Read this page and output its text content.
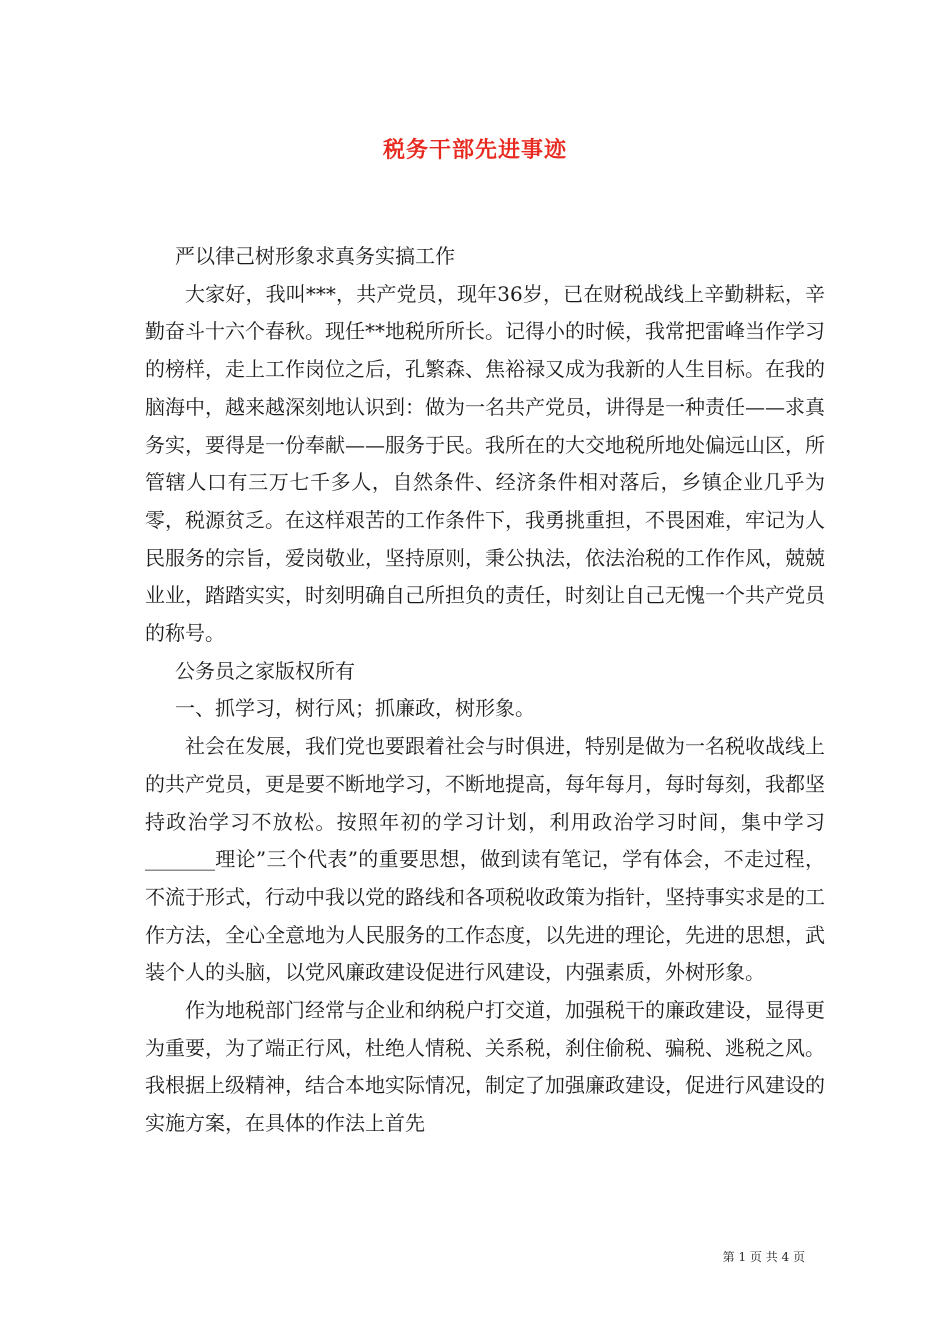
税务干部先进事迹

严以律己树形象求真务实搞工作

大家好，我叫***，共产党员，现年36岁，已在财税战线上辛勤耕耘，辛勤奋斗十六个春秋。现任**地税所所长。记得小的时候，我常把雷峰当作学习的榜样，走上工作岗位之后，孔繁森、焦裕禄又成为我新的人生目标。在我的脑海中，越来越深刻地认识到：做为一名共产党员，讲得是一种责任——求真务实，要得是一份奉献——服务于民。我所在的大交地税所地处偏远山区，所管辖人口有三万七千多人，自然条件、经济条件相对落后，乡镇企业几乎为零，税源贫乏。在这样艰苦的工作条件下，我勇挑重担，不畏困难，牢记为人民服务的宗旨，爱岗敬业，坚持原则，秉公执法，依法治税的工作作风，兢兢业业，踏踏实实，时刻明确自己所担负的责任，时刻让自己无愧一个共产党员的称号。

公务员之家版权所有

一、抓学习，树行风；抓廉政，树形象。

社会在发展，我们党也要跟着社会与时俱进，特别是做为一名税收战线上的共产党员，更是要不断地学习，不断地提高，每年每月，每时每刻，我都坚持政治学习不放松。按照年初的学习计划，利用政治学习时间，集中学习_______理论”三个代表”的重要思想，做到读有笔记，学有体会，不走过程，不流于形式，行动中我以党的路线和各项税收政策为指针，坚持事实求是的工作方法，全心全意地为人民服务的工作态度，以先进的理论，先进的思想，武装个人的头脑，以党风廉政建设促进行风建设，内强素质，外树形象。

作为地税部门经常与企业和纳税户打交道，加强税干的廉政建设，显得更为重要，为了端正行风，杜绝人情税、关系税，刹住偷税、骗税、逃税之风。我根据上级精神，结合本地实际情况，制定了加强廉政建设，促进行风建设的实施方案，在具体的作法上首先

第 1 页 共 4 页
